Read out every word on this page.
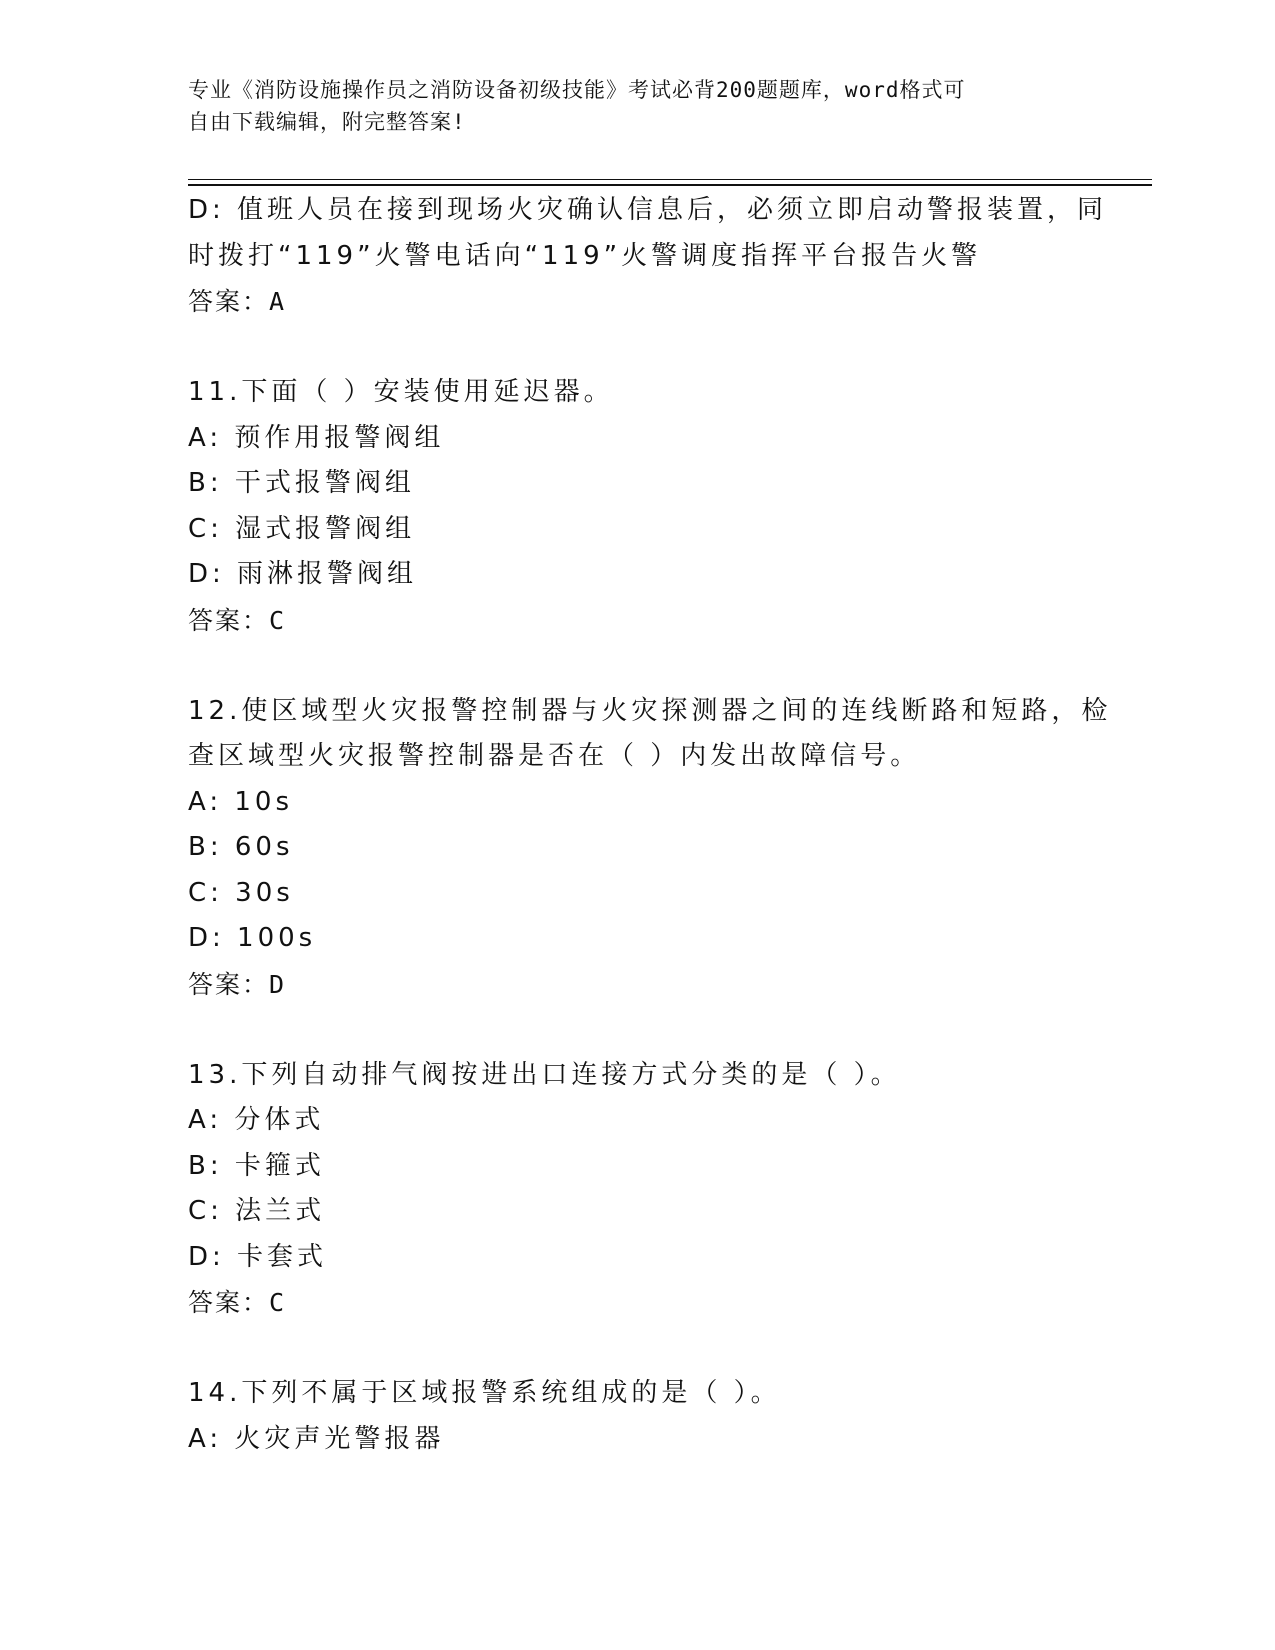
专业《消防设施操作员之消防设备初级技能》考试必背200题题库，word格式可
自由下载编辑，附完整答案!
D: 值班人员在接到现场火灾确认信息后，必须立即启动警报装置，同
时拨打“119”火警电话向“119”火警调度指挥平台报告火警
答案：A
11.下面（ ）安装使用延迟器。
A: 预作用报警阀组
B: 干式报警阀组
C: 湿式报警阀组
D: 雨淋报警阀组
答案：C
12.使区域型火灾报警控制器与火灾探测器之间的连线断路和短路，检
查区域型火灾报警控制器是否在（ ）内发出故障信号。
A: 10s
B: 60s
C: 30s
D: 100s
答案：D
13.下列自动排气阀按进出口连接方式分类的是（ ）。
A: 分体式
B: 卡箍式
C: 法兰式
D: 卡套式
答案：C
14.下列不属于区域报警系统组成的是（ ）。
A: 火灾声光警报器
